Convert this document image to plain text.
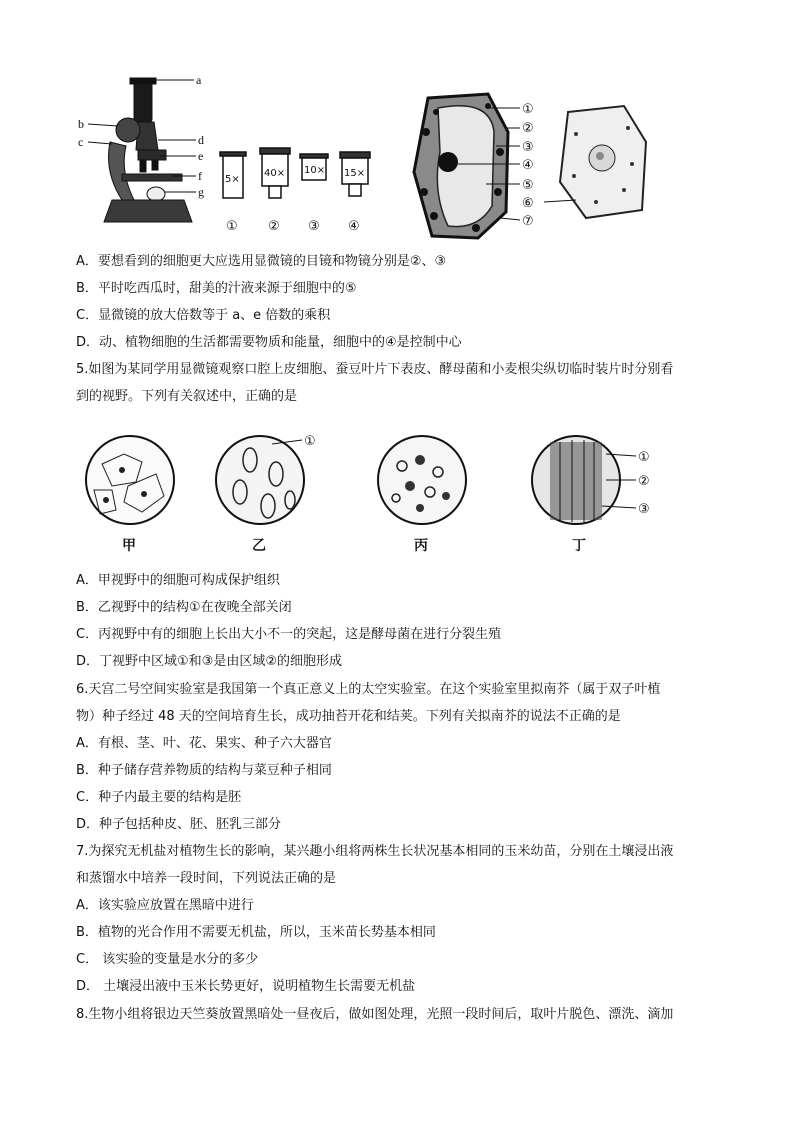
a
b
c	d
e
f
g
5×
40× 10× 15×
① ② ③ ④
①
②
③
④
⑤
⑥
⑦
A．要想看到的细胞更大应选用显微镜的目镜和物镜分别是②、③
B．平时吃西瓜时，甜美的汁液来源于细胞中的⑤
C．显微镜的放大倍数等于 a、e 倍数的乘积
D．动、植物细胞的生活都需要物质和能量，细胞中的④是控制中心
5.如图为某同学用显微镜观察口腔上皮细胞、蚕豆叶片下表皮、酵母菌和小麦根尖纵切临时装片时分别看
到的视野。下列有关叙述中，正确的是
①
①
②
③
甲	乙	丙	丁
A．甲视野中的细胞可构成保护组织
B．乙视野中的结构①在夜晚全部关闭
C．丙视野中有的细胞上长出大小不一的突起，这是酵母菌在进行分裂生殖
D．丁视野中区域①和③是由区域②的细胞形成
6.天宫二号空间实验室是我国第一个真正意义上的太空实验室。在这个实验室里拟南芥（属于双子叶植
物）种子经过 48 天的空间培育生长，成功抽苔开花和结荚。下列有关拟南芥的说法不正确的是
A．有根、茎、叶、花、果实、种子六大器官
B．种子储存营养物质的结构与菜豆种子相同
C．种子内最主要的结构是胚
D．种子包括种皮、胚、胚乳三部分
7.为探究无机盐对植物生长的影响，某兴趣小组将两株生长状况基本相同的玉米幼苗，分别在土壤浸出液
和蒸馏水中培养一段时间，下列说法正确的是
A．该实验应放置在黑暗中进行
B．植物的光合作用不需要无机盐，所以，玉米苗长势基本相同
C． 该实验的变量是水分的多少
D． 土壤浸出液中玉米长势更好，说明植物生长需要无机盐
8.生物小组将银边天竺葵放置黑暗处一昼夜后，做如图处理，光照一段时间后，取叶片脱色、漂洗、滴加
